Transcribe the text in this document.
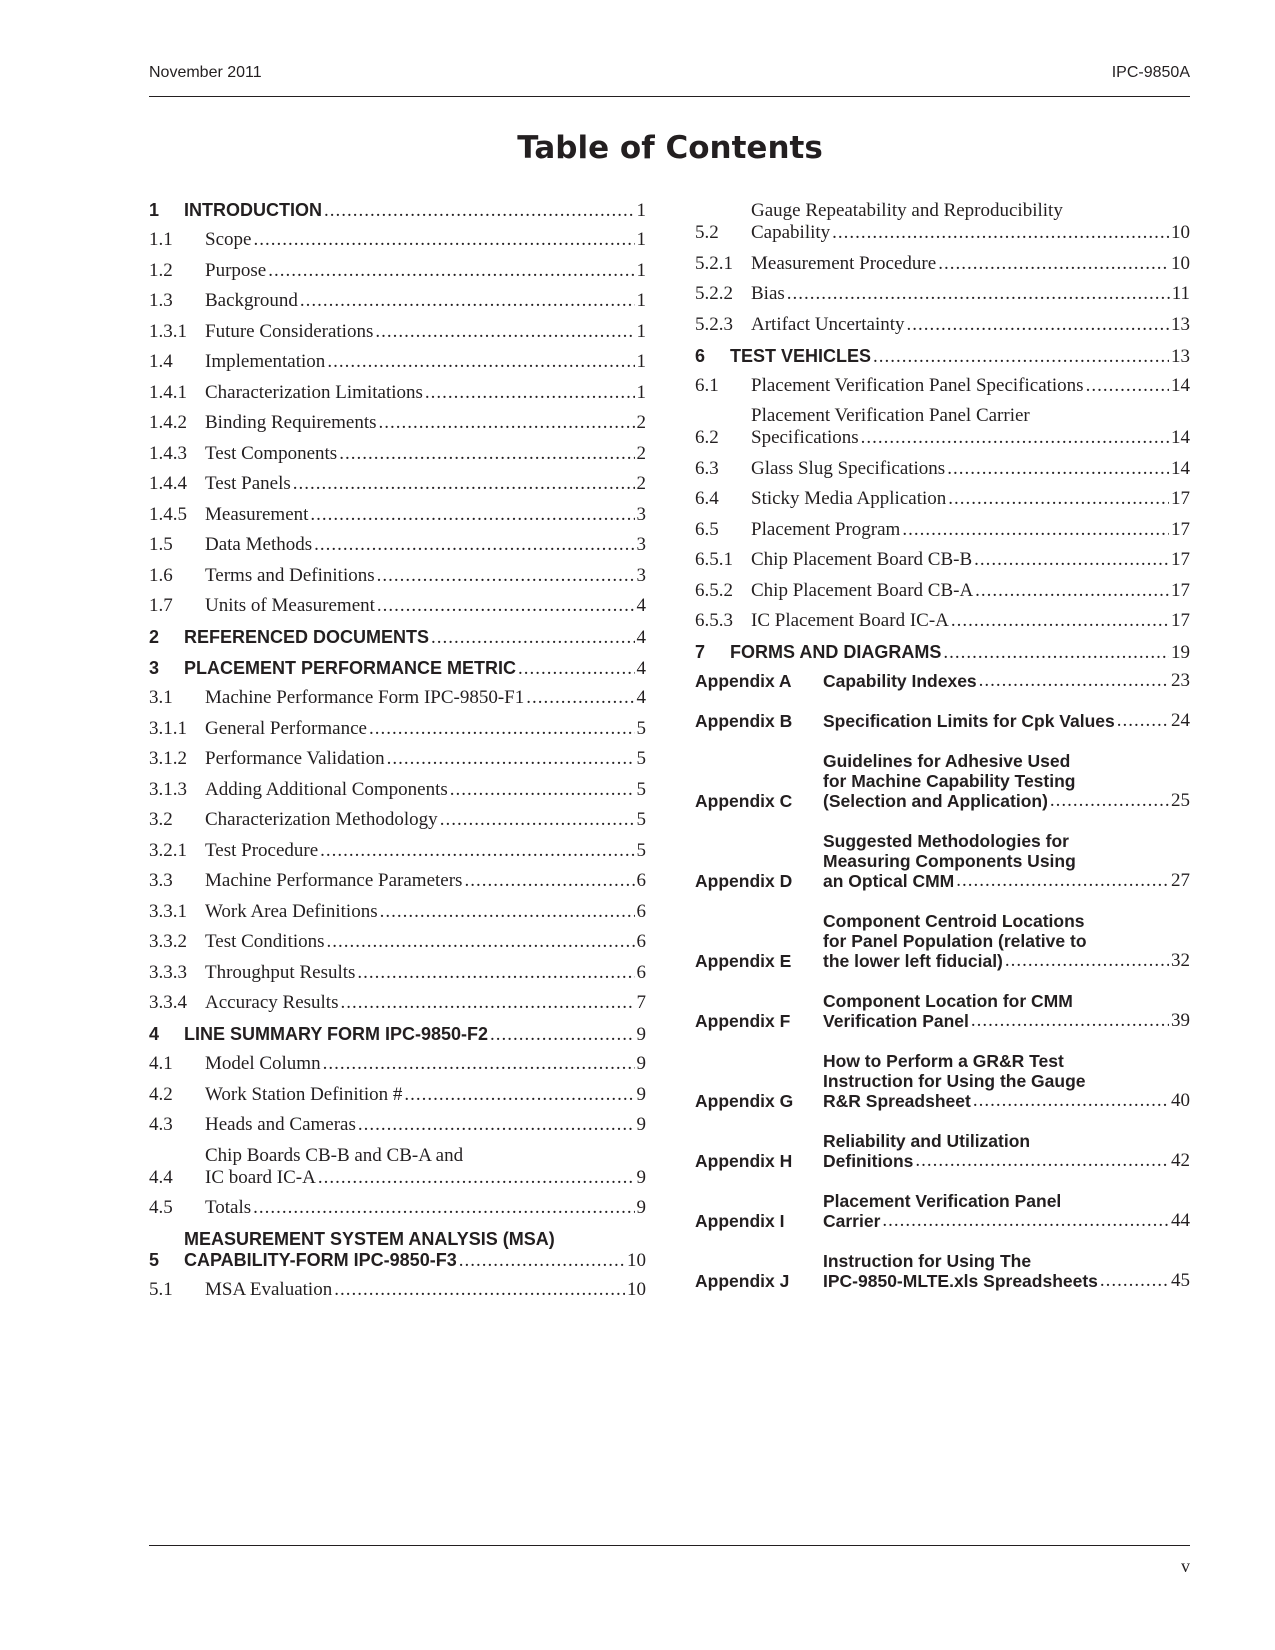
November 2011	IPC-9850A
Table of Contents
1	INTRODUCTION .....	1
1.1	Scope .....	1
1.2	Purpose .....	1
1.3	Background .....	1
1.3.1 Future Considerations .....	1
1.4	Implementation .....	1
1.4.1 Characterization Limitations .....	1
1.4.2 Binding Requirements .....	2
1.4.3 Test Components .....	2
1.4.4 Test Panels .....	2
1.4.5 Measurement .....	3
1.5	Data Methods .....	3
1.6	Terms and Definitions .....	3
1.7	Units of Measurement .....	4
2	REFERENCED DOCUMENTS .....	4
3	PLACEMENT PERFORMANCE METRIC .....	4
3.1	Machine Performance Form IPC-9850-F1 .....	4
3.1.1 General Performance .....	5
3.1.2 Performance Validation .....	5
3.1.3 Adding Additional Components .....	5
3.2	Characterization Methodology .....	5
3.2.1 Test Procedure .....	5
3.3	Machine Performance Parameters .....	6
3.3.1 Work Area Definitions .....	6
3.3.2 Test Conditions .....	6
3.3.3 Throughput Results .....	6
3.3.4 Accuracy Results .....	7
4	LINE SUMMARY FORM IPC-9850-F2 .....	9
4.1	Model Column .....	9
4.2	Work Station Definition # .....	9
4.3	Heads and Cameras .....	9
4.4
Chip Boards CB-B and CB-A and
IC board IC-A .....	9
4.5	Totals .....	9
5
MEASUREMENT SYSTEM ANALYSIS (MSA)
CAPABILITY-FORM IPC-9850-F3 .....	10
5.1	MSA Evaluation .....	10
5.2
Gauge Repeatability and Reproducibility
Capability .....	10
5.2.1 Measurement Procedure .....	10
5.2.2 Bias .....	11
5.2.3 Artifact Uncertainty .....	13
6	TEST VEHICLES .....	13
6.1	Placement Verification Panel Specifications .....	14
6.2
Placement Verification Panel Carrier
Specifications .....	14
6.3	Glass Slug Specifications .....	14
6.4	Sticky Media Application .....	17
6.5	Placement Program .....	17
6.5.1 Chip Placement Board CB-B .....	17
6.5.2 Chip Placement Board CB-A .....	17
6.5.3 IC Placement Board IC-A .....	17
7	FORMS AND DIAGRAMS .....	19
Appendix A	Capability Indexes .....	23
Appendix B	Specification Limits for Cpk Values .....	24
Appendix C
Guidelines for Adhesive Used
for Machine Capability Testing
(Selection and Application) .....	25
Appendix D
Suggested Methodologies for
Measuring Components Using
an Optical CMM .....	27
Appendix E
Component Centroid Locations
for Panel Population (relative to
the lower left fiducial) .....	32
Appendix F
Component Location for CMM
Verification Panel .....	39
Appendix G
How to Perform a GR&R Test
Instruction for Using the Gauge
R&R Spreadsheet .....	40
Appendix H
Reliability and Utilization
Definitions .....	42
Appendix I
Placement Verification Panel
Carrier .....	44
Appendix J
Instruction for Using The
IPC-9850-MLTE.xls Spreadsheets .....	45
v
